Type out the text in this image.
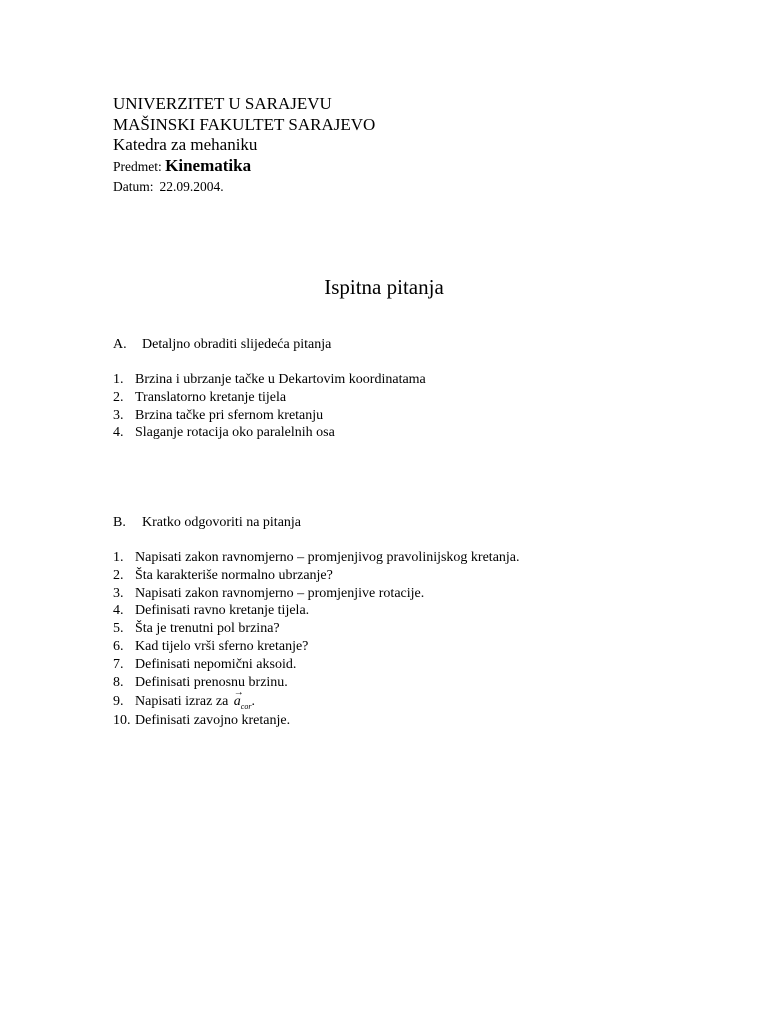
UNIVERZITET U SARAJEVU
MAŠINSKI FAKULTET SARAJEVO
Katedra za mehaniku
Predmet: Kinematika
Datum: 22.09.2004.
Ispitna pitanja
A. Detaljno obraditi slijedeća pitanja
1. Brzina i ubrzanje tačke u Dekartovim koordinatama
2. Translatorno kretanje tijela
3. Brzina tačke pri sfernom kretanju
4. Slaganje rotacija oko paralelnih osa
B. Kratko odgovoriti na pitanja
1. Napisati zakon ravnomjerno – promjenjivog pravolinijskog kretanja.
2. Šta karakteriše normalno ubrzanje?
3. Napisati zakon ravnomjerno – promjenjive rotacije.
4. Definisati ravno kretanje tijela.
5. Šta je trenutni pol brzina?
6. Kad tijelo vrši sferno kretanje?
7. Definisati nepomični aksoid.
8. Definisati prenosnu brzinu.
9. Napisati izraz za
→
$a_{cor}$.
10. Definisati zavojno kretanje.
